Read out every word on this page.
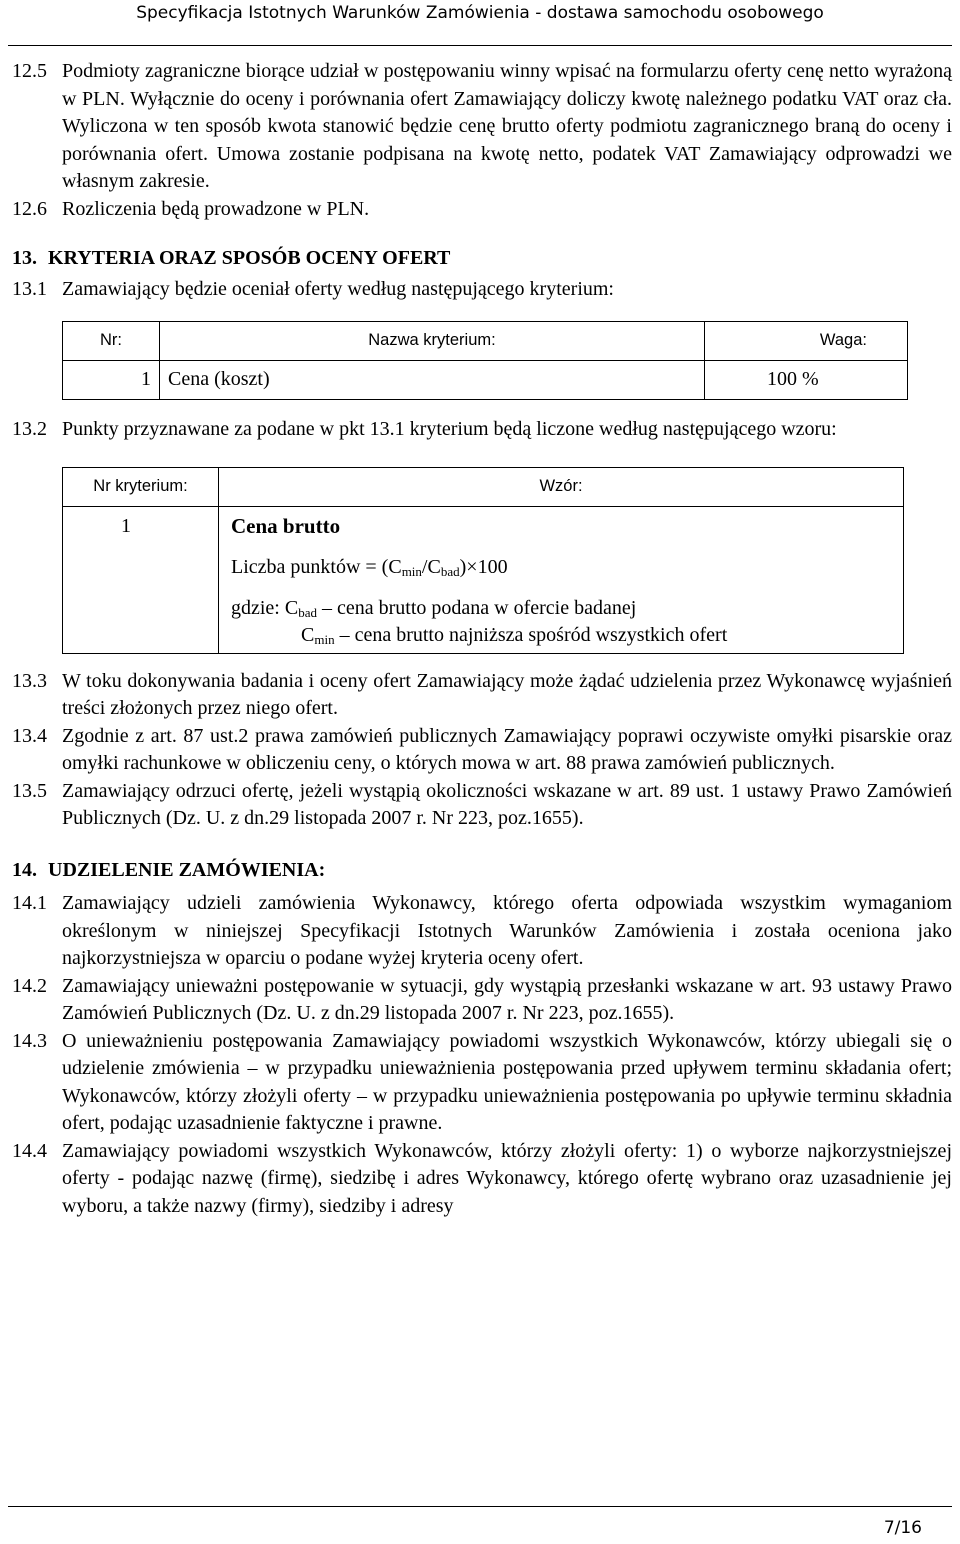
Specyfikacja Istotnych Warunków Zamówienia - dostawa samochodu osobowego
12.5 Podmioty zagraniczne biorące udział w postępowaniu winny wpisać na formularzu oferty cenę netto wyrażoną w PLN. Wyłącznie do oceny i porównania ofert Zamawiający doliczy kwotę należnego podatku VAT oraz cła. Wyliczona w ten sposób kwota stanowić będzie cenę brutto oferty podmiotu zagranicznego braną do oceny i porównania ofert. Umowa zostanie podpisana na kwotę netto, podatek VAT Zamawiający odprowadzi we własnym zakresie.
12.6 Rozliczenia będą prowadzone w PLN.
13. KRYTERIA ORAZ SPOSÓB OCENY OFERT
13.1 Zamawiający będzie oceniał oferty według następującego kryterium:
Nr:	Nazwa kryterium:	Waga:
1	Cena (koszt)	100 %
13.2 Punkty przyznawane za podane w pkt 13.1 kryterium będą liczone według następującego wzoru:
Nr kryterium:	Wzór:
1	Cena brutto
Liczba punktów = $(C_{min}/C_{bad})\times 100$
gdzie: $C_{bad}$ – cena brutto podana w ofercie badanej
$C_{min}$ – cena brutto najniższa spośród wszystkich ofert
13.3 W toku dokonywania badania i oceny ofert Zamawiający może żądać udzielenia przez Wykonawcę wyjaśnień treści złożonych przez niego ofert.
13.4 Zgodnie z art. 87 ust.2 prawa zamówień publicznych Zamawiający poprawi oczywiste omyłki pisarskie oraz omyłki rachunkowe w obliczeniu ceny, o których mowa w art. 88 prawa zamówień publicznych.
13.5 Zamawiający odrzuci ofertę, jeżeli wystąpią okoliczności wskazane w art. 89 ust. 1 ustawy Prawo Zamówień Publicznych (Dz. U. z dn.29 listopada 2007 r. Nr 223, poz.1655).
14. UDZIELENIE ZAMÓWIENIA:
14.1 Zamawiający udzieli zamówienia Wykonawcy, którego oferta odpowiada wszystkim wymaganiom określonym w niniejszej Specyfikacji Istotnych Warunków Zamówienia i została oceniona jako najkorzystniejsza w oparciu o podane wyżej kryteria oceny ofert.
14.2 Zamawiający unieważni postępowanie w sytuacji, gdy wystąpią przesłanki wskazane w art. 93 ustawy Prawo Zamówień Publicznych (Dz. U. z dn.29 listopada 2007 r. Nr 223, poz.1655).
14.3 O unieważnieniu postępowania Zamawiający powiadomi wszystkich Wykonawców, którzy ubiegali się o udzielenie zmówienia – w przypadku unieważnienia postępowania przed upływem terminu składania ofert; Wykonawców, którzy złożyli oferty – w przypadku unieważnienia postępowania po upływie terminu składnia ofert, podając uzasadnienie faktyczne i prawne.
14.4 Zamawiający powiadomi wszystkich Wykonawców, którzy złożyli oferty: 1) o wyborze najkorzystniejszej oferty - podając nazwę (firmę), siedzibę i adres Wykonawcy, którego ofertę wybrano oraz uzasadnienie jej wyboru, a także nazwy (firmy), siedziby i adresy
7/16
